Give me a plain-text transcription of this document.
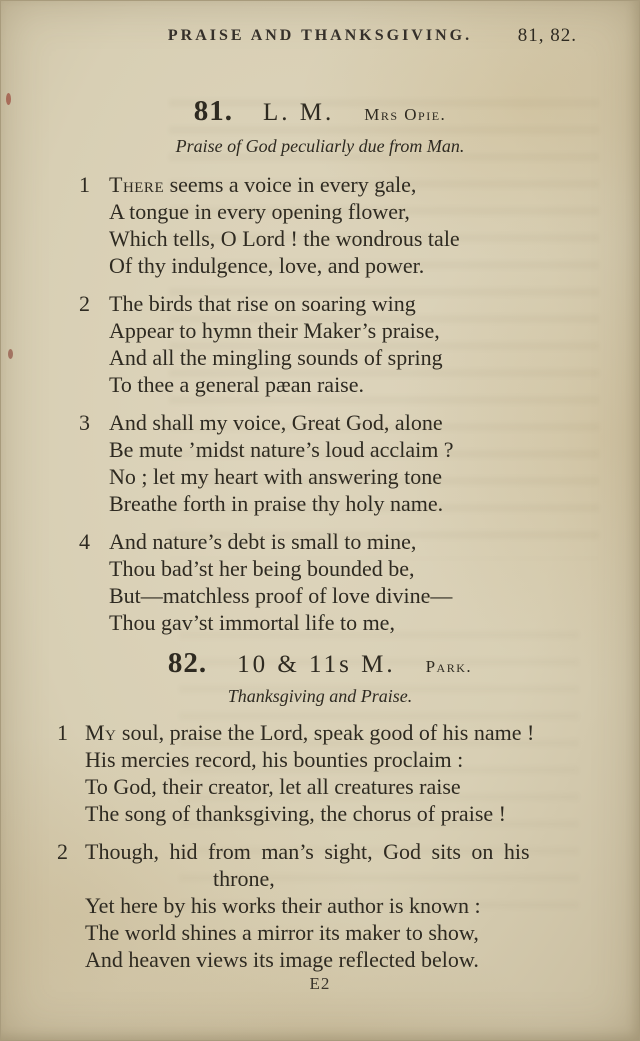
PRAISE AND THANKSGIVING.	81, 82.
81. L. M. Mrs Opie.
Praise of God peculiarly due from Man.
1 There seems a voice in every gale,
A tongue in every opening flower,
Which tells, O Lord ! the wondrous tale
Of thy indulgence, love, and power.
2 The birds that rise on soaring wing
Appear to hymn their Maker’s praise,
And all the mingling sounds of spring
To thee a general pæan raise.
3 And shall my voice, Great God, alone
Be mute ’midst nature’s loud acclaim ?
No ; let my heart with answering tone
Breathe forth in praise thy holy name.
4 And nature’s debt is small to mine,
Thou bad’st her being bounded be,
But—matchless proof of love divine—
Thou gav’st immortal life to me,
82. 10 & 11s M. Park.
Thanksgiving and Praise.
1 My soul, praise the Lord, speak good of his name !
His mercies record, his bounties proclaim :
To God, their creator, let all creatures raise
The song of thanksgiving, the chorus of praise !
2 Though, hid from man’s sight, God sits on his
throne,
Yet here by his works their author is known :
The world shines a mirror its maker to show,
And heaven views its image reflected below.
E2
